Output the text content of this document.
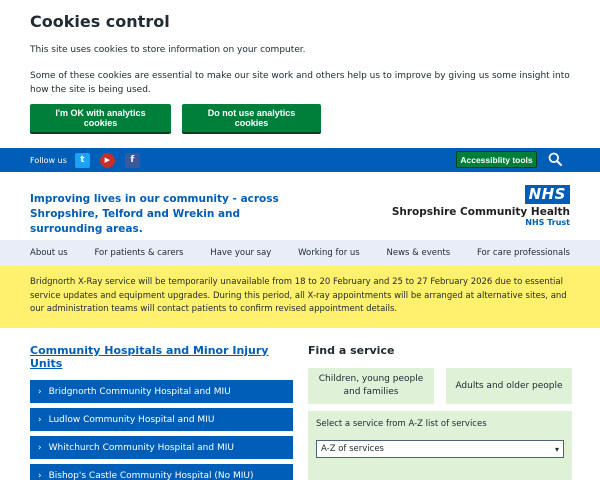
Cookies control

This site uses cookies to store information on your computer.

Some of these cookies are essential to make our site work and others help us to improve by giving us some insight into how the site is being used.

I'm OK with analytics cookies
Do not use analytics cookies
Follow us	t	▶	f	Accessiblity tools
Improving lives in our community - across Shropshire, Telford and Wrekin and surrounding areas.
NHS
Shropshire Community Health
NHS Trust
About us	For patients & carers	Have your say	Working for us	News & events	For care professionals
Bridgnorth X-Ray service will be temporarily unavailable from 18 to 20 February and 25 to 27 February 2026 due to essential service updates and equipment upgrades. During this period, all X-ray appointments will be arranged at alternative sites, and our administration teams will contact patients to confirm revised appointment details.
Community Hospitals and Minor Injury Units
› Bridgnorth Community Hospital and MIU
› Ludlow Community Hospital and MIU
› Whitchurch Community Hospital and MIU
› Bishop's Castle Community Hospital (No MIU)
Find a service
Children, young people and families
Adults and older people
Select a service from A-Z list of services
A-Z of services	▾
